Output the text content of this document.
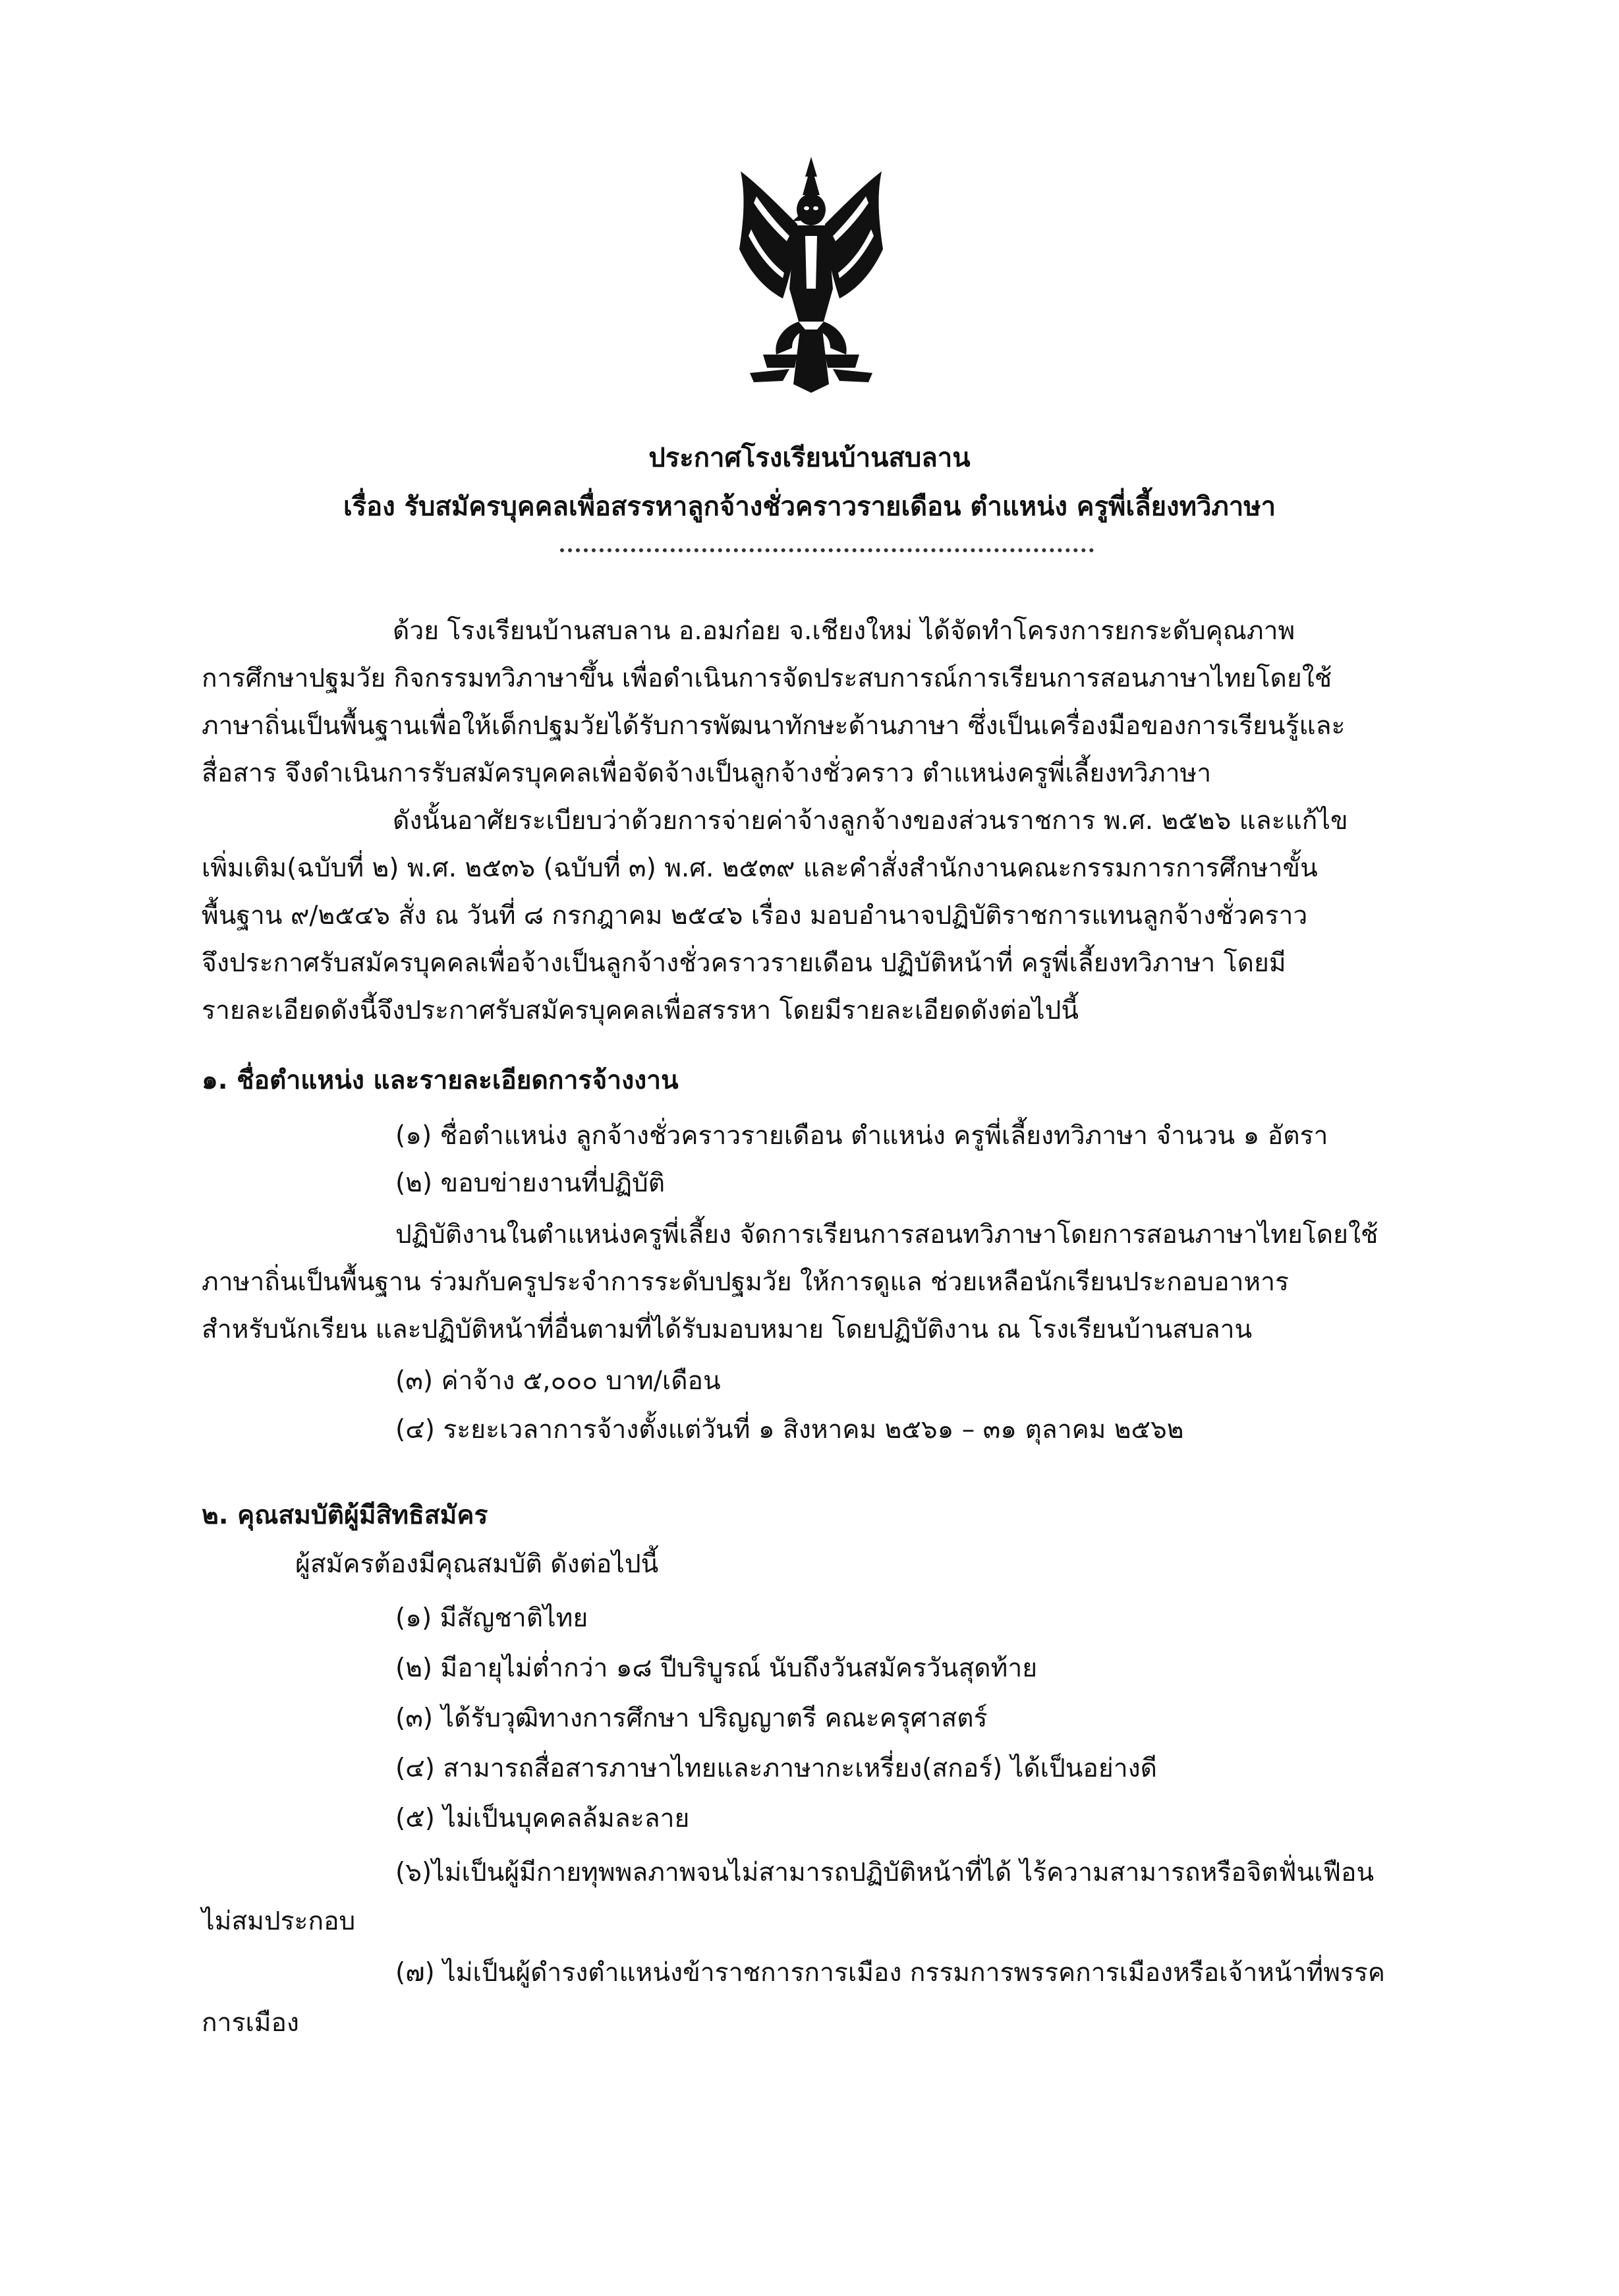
ประกาศโรงเรียนบ้านสบลาน
เรื่อง รับสมัครบุคคลเพื่อสรรหาลูกจ้างชั่วคราวรายเดือน ตำแหน่ง ครูพี่เลี้ยงทวิภาษา
ด้วย โรงเรียนบ้านสบลาน อ.อมก๋อย จ.เชียงใหม่ ได้จัดทำโครงการยกระดับคุณภาพ
การศึกษาปฐมวัย กิจกรรมทวิภาษาขึ้น เพื่อดำเนินการจัดประสบการณ์การเรียนการสอนภาษาไทยโดยใช้
ภาษาถิ่นเป็นพื้นฐานเพื่อให้เด็กปฐมวัยได้รับการพัฒนาทักษะด้านภาษา ซึ่งเป็นเครื่องมือของการเรียนรู้และ
สื่อสาร จึงดำเนินการรับสมัครบุคคลเพื่อจัดจ้างเป็นลูกจ้างชั่วคราว ตำแหน่งครูพี่เลี้ยงทวิภาษา
ดังนั้นอาศัยระเบียบว่าด้วยการจ่ายค่าจ้างลูกจ้างของส่วนราชการ พ.ศ. ๒๕๒๖ และแก้ไข
เพิ่มเติม(ฉบับที่ ๒) พ.ศ. ๒๕๓๖ (ฉบับที่ ๓) พ.ศ. ๒๕๓๙ และคำสั่งสำนักงานคณะกรรมการการศึกษาขั้น
พื้นฐาน ๙/๒๕๔๖ สั่ง ณ วันที่ ๘ กรกฎาคม ๒๕๔๖ เรื่อง มอบอำนาจปฏิบัติราชการแทนลูกจ้างชั่วคราว
จึงประกาศรับสมัครบุคคลเพื่อจ้างเป็นลูกจ้างชั่วคราวรายเดือน ปฏิบัติหน้าที่ ครูพี่เลี้ยงทวิภาษา โดยมี
รายละเอียดดังนี้จึงประกาศรับสมัครบุคคลเพื่อสรรหา โดยมีรายละเอียดดังต่อไปนี้
๑. ชื่อตำแหน่ง และรายละเอียดการจ้างงาน
(๑) ชื่อตำแหน่ง ลูกจ้างชั่วคราวรายเดือน ตำแหน่ง ครูพี่เลี้ยงทวิภาษา จำนวน ๑ อัตรา
(๒) ขอบข่ายงานที่ปฏิบัติ
ปฏิบัติงานในตำแหน่งครูพี่เลี้ยง จัดการเรียนการสอนทวิภาษาโดยการสอนภาษาไทยโดยใช้
ภาษาถิ่นเป็นพื้นฐาน ร่วมกับครูประจำการระดับปฐมวัย ให้การดูแล ช่วยเหลือนักเรียนประกอบอาหาร
สำหรับนักเรียน และปฏิบัติหน้าที่อื่นตามที่ได้รับมอบหมาย โดยปฏิบัติงาน ณ โรงเรียนบ้านสบลาน
(๓) ค่าจ้าง ๕,๐๐๐ บาท/เดือน
(๔) ระยะเวลาการจ้างตั้งแต่วันที่ ๑ สิงหาคม ๒๕๖๑ – ๓๑ ตุลาคม ๒๕๖๒
๒. คุณสมบัติผู้มีสิทธิสมัคร
ผู้สมัครต้องมีคุณสมบัติ ดังต่อไปนี้
(๑) มีสัญชาติไทย
(๒) มีอายุไม่ต่ำกว่า ๑๘ ปีบริบูรณ์ นับถึงวันสมัครวันสุดท้าย
(๓) ได้รับวุฒิทางการศึกษา ปริญญาตรี คณะครุศาสตร์
(๔) สามารถสื่อสารภาษาไทยและภาษากะเหรี่ยง(สกอร์) ได้เป็นอย่างดี
(๕) ไม่เป็นบุคคลล้มละลาย
(๖)ไม่เป็นผู้มีกายทุพพลภาพจนไม่สามารถปฏิบัติหน้าที่ได้ ไร้ความสามารถหรือจิตฟั่นเฟือน
ไม่สมประกอบ
(๗) ไม่เป็นผู้ดำรงตำแหน่งข้าราชการการเมือง กรรมการพรรคการเมืองหรือเจ้าหน้าที่พรรค
การเมือง
